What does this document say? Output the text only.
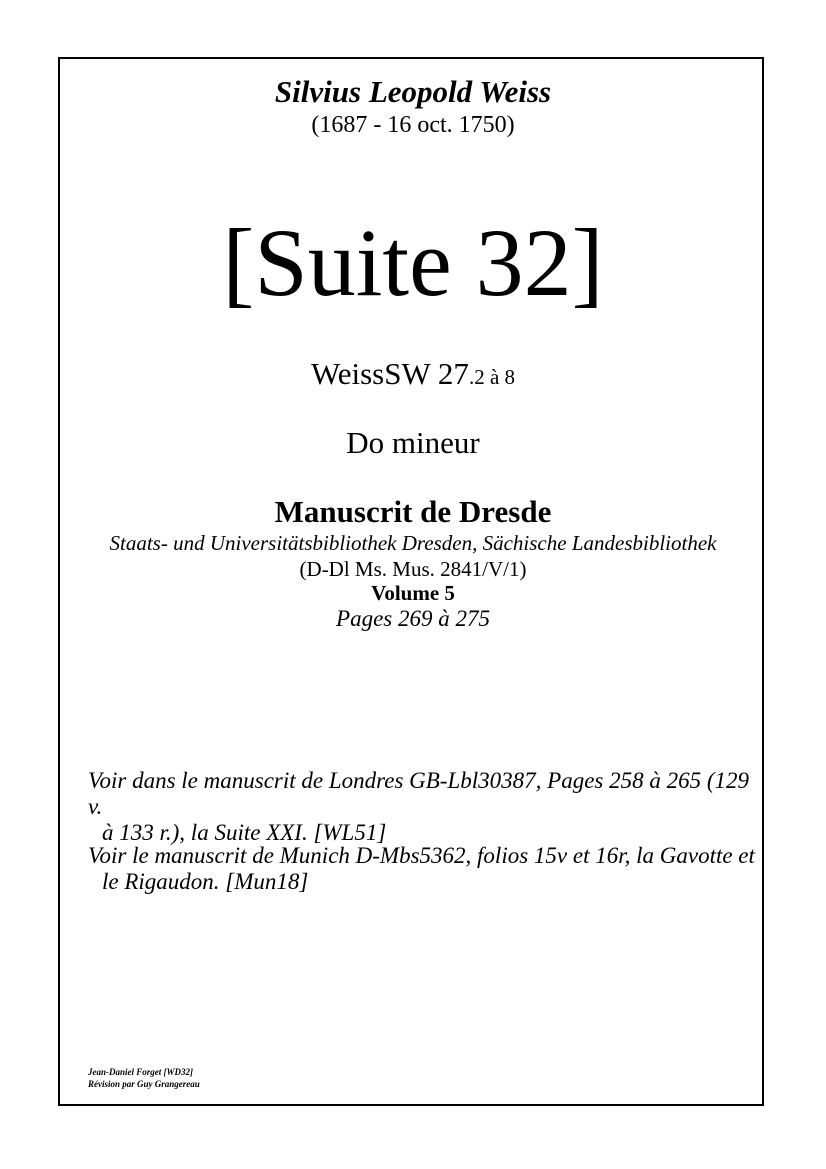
Silvius Leopold Weiss
(1687 - 16 oct. 1750)
[Suite 32]
WeissSW 27.2 à 8
Do mineur
Manuscrit de Dresde
Staats- und Universitätsbibliothek Dresden, Sächische Landesbibliothek
(D-Dl Ms. Mus. 2841/V/1)
Volume 5
Pages 269 à 275
Voir dans le manuscrit de Londres GB-Lbl30387, Pages 258 à 265 (129 v.
à 133 r.), la Suite XXI. [WL51]
Voir le manuscrit de Munich D-Mbs5362, folios 15v et 16r, la Gavotte et
le Rigaudon. [Mun18]
Jean-Daniel Forget [WD32]
Révision par Guy Grangereau
